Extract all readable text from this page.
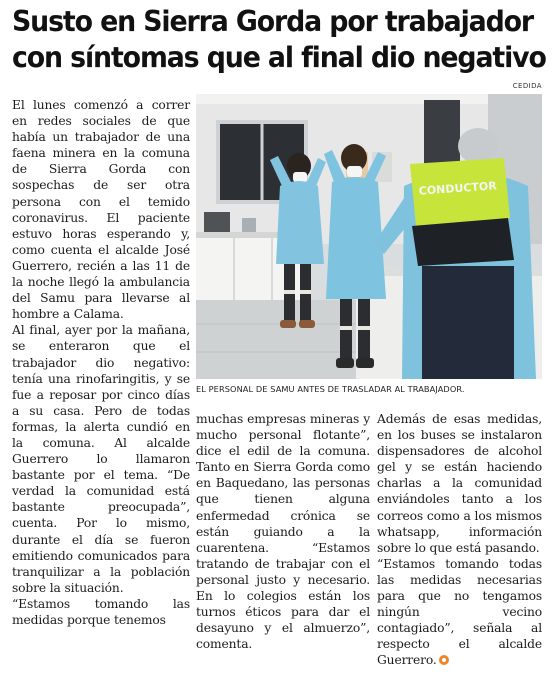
Susto en Sierra Gorda por trabajador
con síntomas que al final dio negativo
CEDIDA
CONDUCTOR
EL PERSONAL DE SAMU ANTES DE TRASLADAR AL TRABAJADOR.

El lunes comenzó a correr en redes sociales de que había un trabajador de una faena minera en la comuna de Sierra Gorda con sospechas de ser otra persona con el temido coronavirus. El paciente estuvo horas esperando y, como cuenta el alcalde José Guerrero, recién a las 11 de la noche llegó la ambulancia del Samu para llevarse al hombre a Calama.

Al final, ayer por la mañana, se enteraron que el trabajador dio negativo: tenía una rinofaringitis, y se fue a reposar por cinco días a su casa. Pero de todas formas, la alerta cundió en la comuna. Al alcalde Guerrero lo llamaron bastante por el tema. “De verdad la comunidad está bastante preocupada”, cuenta. Por lo mismo, durante el día se fueron emitiendo comunicados para tranquilizar a la población sobre la situación.

“Estamos tomando las medidas porque tenemos

muchas empresas mineras y mucho personal flotante”, dice el edil de la comuna. Tanto en Sierra Gorda como en Baquedano, las personas que tienen alguna enfermedad crónica se están guiando a la cuarentena. “Estamos tratando de trabajar con el personal justo y necesario. En lo colegios están los turnos éticos para dar el desayuno y el almuerzo”, comenta.

Además de esas medidas, en los buses se instalaron dispensadores de alcohol gel y se están haciendo charlas a la comunidad enviándoles tanto a los correos como a los mismos whatsapp, información sobre lo que está pasando.

“Estamos tomando todas las medidas necesarias para que no tengamos ningún vecino contagiado”, señala al respecto el alcalde Guerrero.
